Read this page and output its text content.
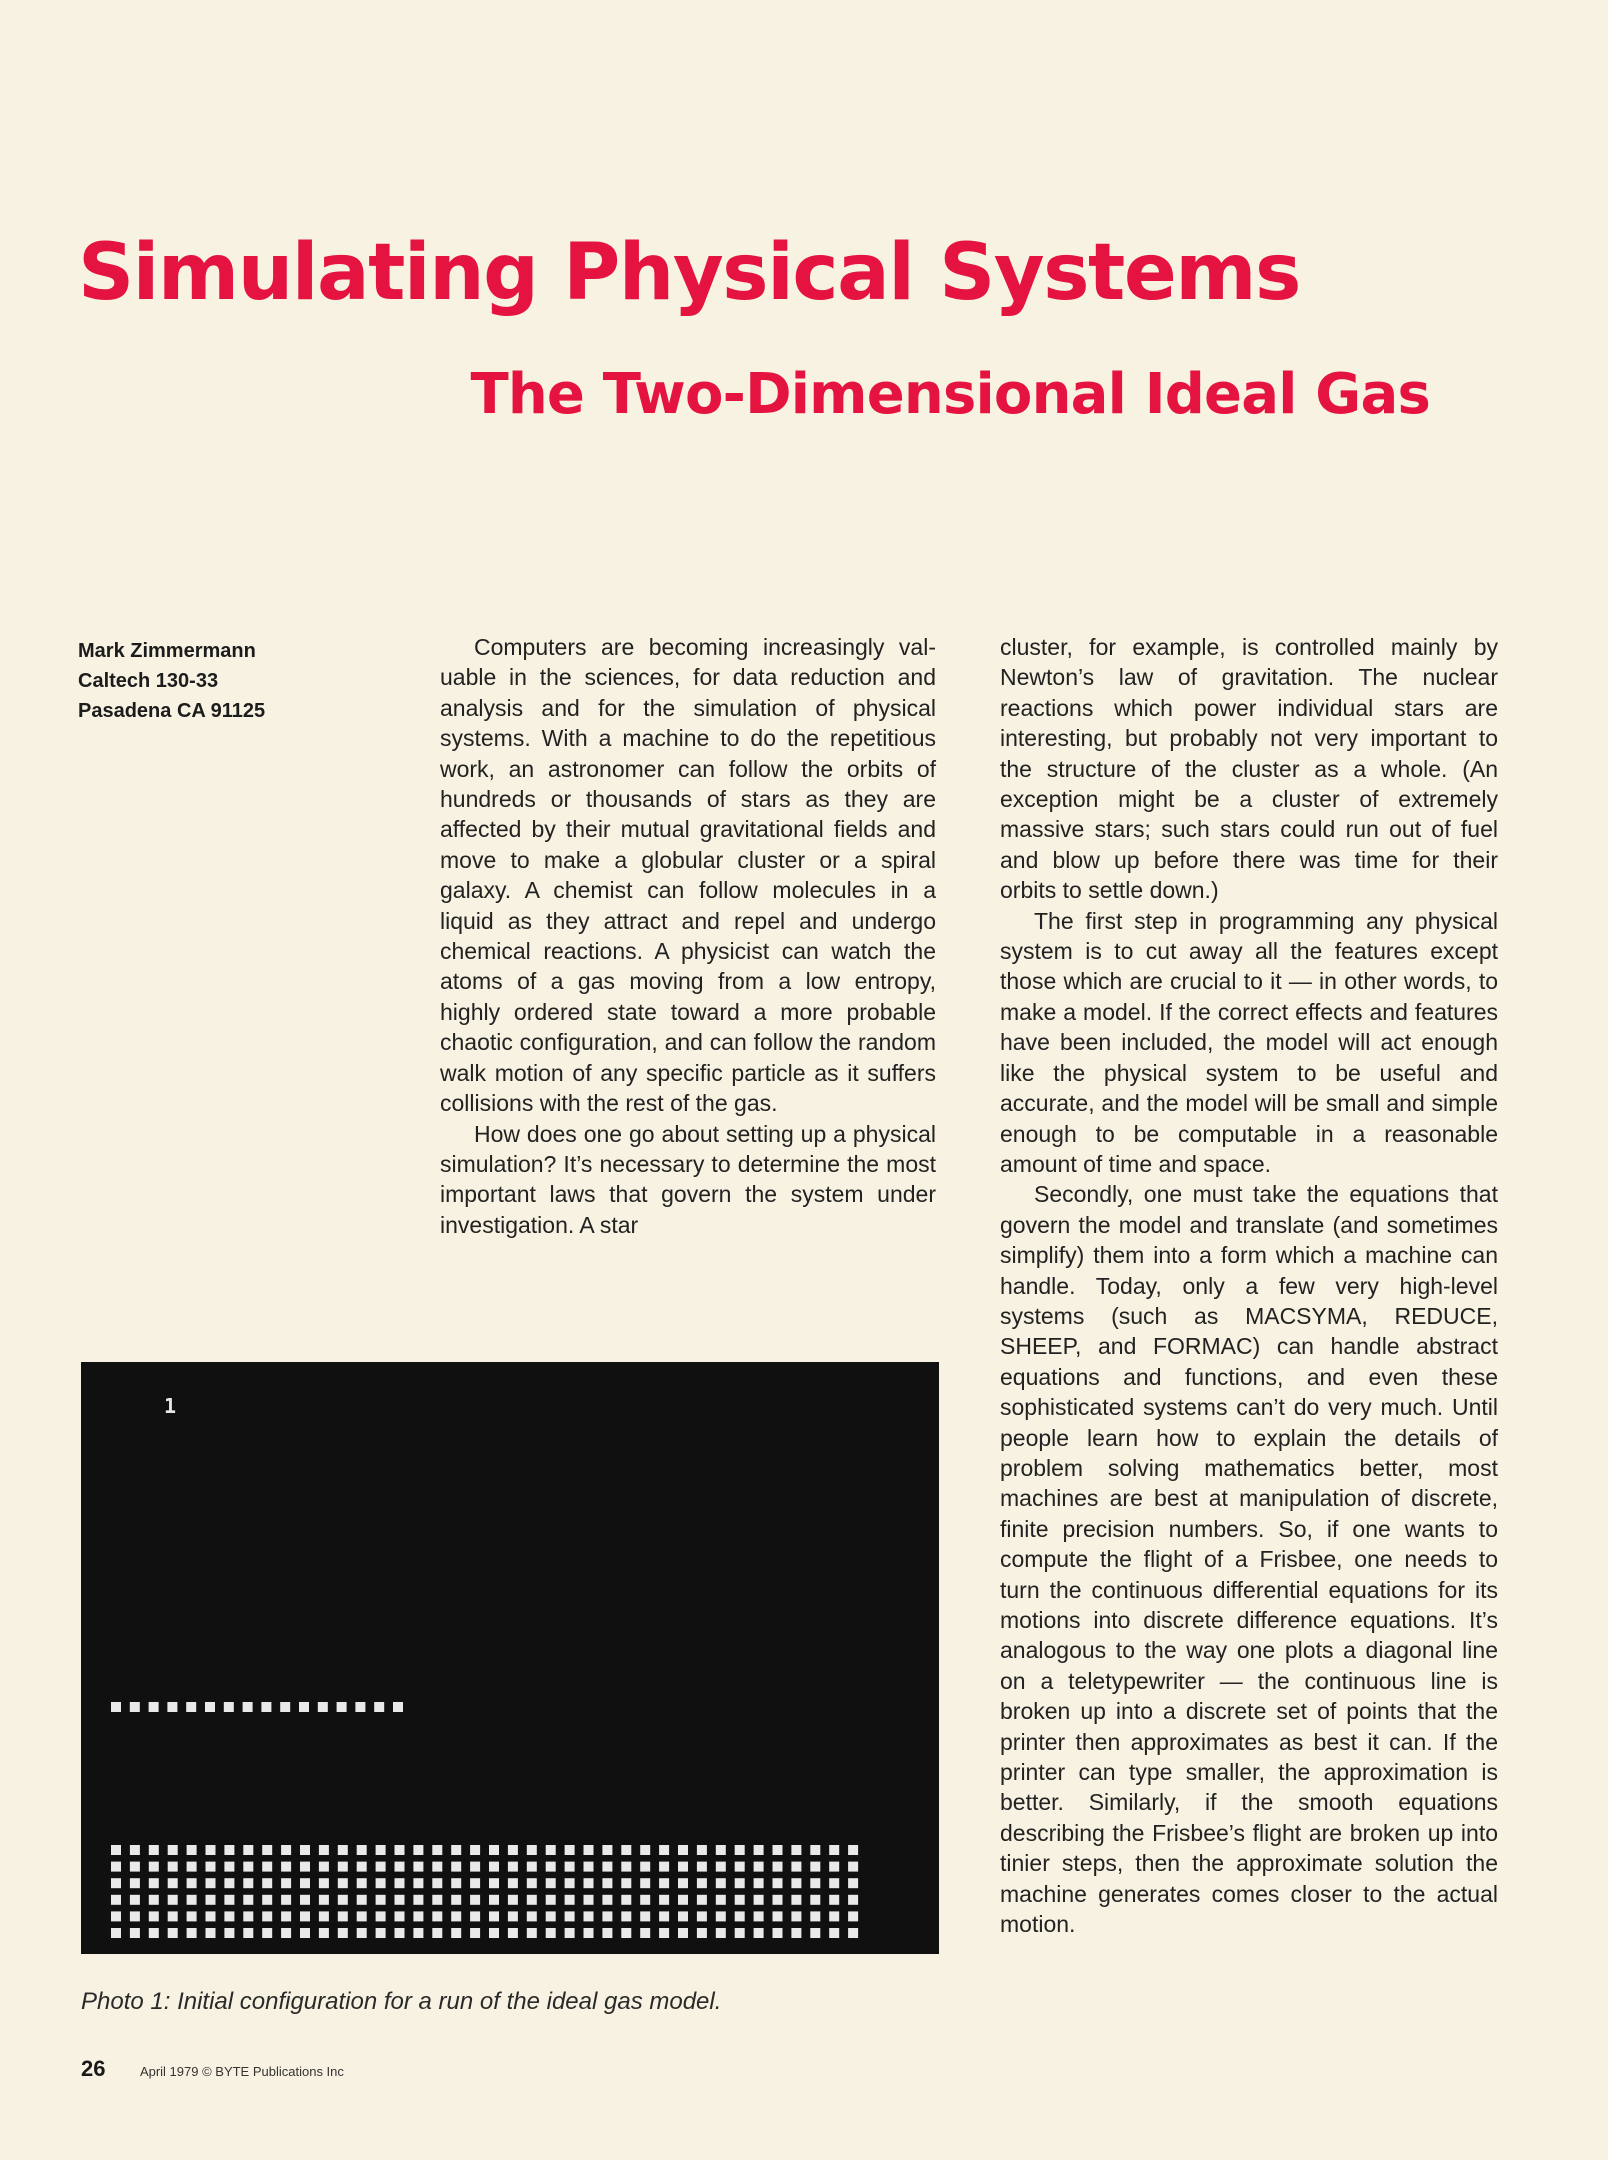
Simulating Physical Systems
The Two-Dimensional Ideal Gas
Mark Zimmermann
Caltech 130-33
Pasadena CA 91125

Computers are becoming increasingly valuable in the sciences, for data reduction and analysis and for the simulation of physical systems. With a machine to do the repetitious work, an astronomer can follow the orbits of hundreds or thousands of stars as they are affected by their mutual gravitational fields and move to make a globular cluster or a spiral galaxy. A chemist can follow molecules in a liquid as they attract and repel and undergo chemical reactions. A physicist can watch the atoms of a gas moving from a low entropy, highly ordered state toward a more probable chaotic configuration, and can follow the random walk motion of any specific particle as it suffers collisions with the rest of the gas.

How does one go about setting up a physical simulation? It’s necessary to determine the most important laws that govern the system under investigation. A star

cluster, for example, is controlled mainly by Newton’s law of gravitation. The nuclear reactions which power individual stars are interesting, but probably not very important to the structure of the cluster as a whole. (An exception might be a cluster of extremely massive stars; such stars could run out of fuel and blow up before there was time for their orbits to settle down.)

The first step in programming any physical system is to cut away all the features except those which are crucial to it — in other words, to make a model. If the correct effects and features have been included, the model will act enough like the physical system to be useful and accurate, and the model will be small and simple enough to be computable in a reasonable amount of time and space.

Secondly, one must take the equations that govern the model and translate (and sometimes simplify) them into a form which a machine can handle. Today, only a few very high-level systems (such as MACSYMA, REDUCE, SHEEP, and FORMAC) can handle abstract equations and functions, and even these sophisticated systems can’t do very much. Until people learn how to explain the details of problem solving mathematics better, most machines are best at manipulation of discrete, finite precision numbers. So, if one wants to compute the flight of a Frisbee, one needs to turn the continuous differential equations for its motions into discrete difference equations. It’s analogous to the way one plots a diagonal line on a teletypewriter — the continuous line is broken up into a discrete set of points that the printer then approximates as best it can. If the printer can type smaller, the approximation is better. Similarly, if the smooth equations describing the Frisbee’s flight are broken up into tinier steps, then the approximate solution the machine generates comes closer to the actual motion.

1
Photo 1: Initial configuration for a run of the ideal gas model.
26	April 1979 © BYTE Publications Inc
